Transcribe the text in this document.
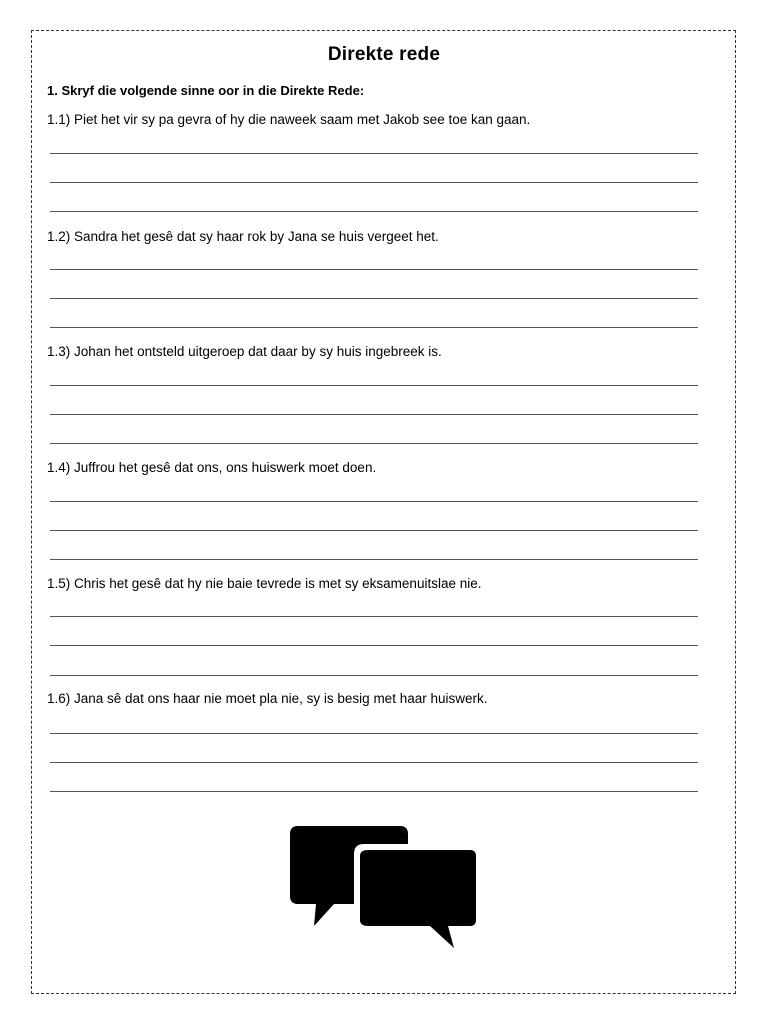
Direkte rede
1. Skryf die volgende sinne oor in die Direkte Rede:
1.1) Piet het vir sy pa gevra of hy die naweek saam met Jakob see toe kan gaan.
1.2) Sandra het gesê dat sy haar rok by Jana se huis vergeet het.
1.3) Johan het ontsteld uitgeroep dat daar by sy huis ingebreek is.
1.4) Juffrou het gesê dat ons, ons huiswerk moet doen.
1.5) Chris het gesê dat hy nie baie tevrede is met sy eksamenuitslae nie.
1.6) Jana sê dat ons haar nie moet pla nie, sy is besig met haar huiswerk.
